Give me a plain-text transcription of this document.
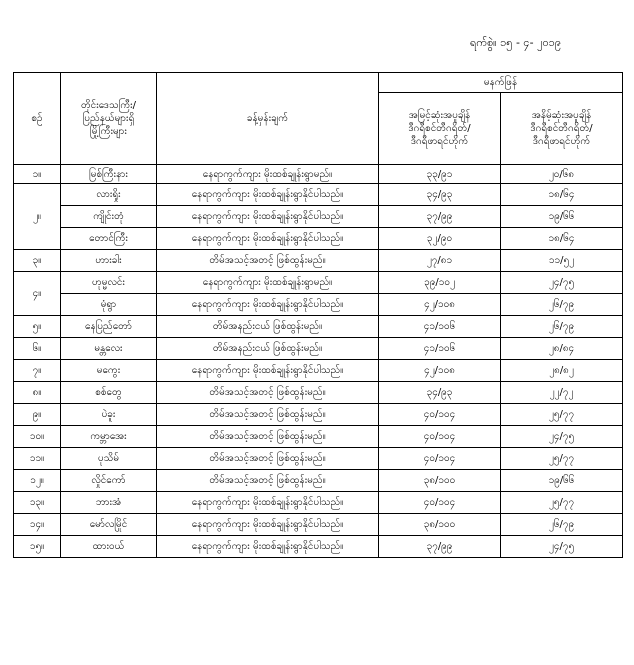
ရက်စွဲ။ ၁၅ - ၄- ၂၀၁၉
စဉ်	တိုင်းဒေသကြီး/
ပြည်နယ်များရှိ
မြို့ကြီးများ	ခန့်မှန်းချက်	မနက်ဖြန်	
			အမြင့်ဆုံးအပူချိန်
ဒီဂရီစင်တီဂရိတ်/
ဒီဂရီဖာရင်ဟိုက်	အနိမ့်ဆုံးအပူချိန်
ဒီဂရီစင်တီဂရိတ်/
ဒီဂရီဖာရင်ဟိုက်
၁။	မြစ်ကြီးနား	နေရာကွက်ကျား မိုးထစ်ချုန်းရွာမည်။	၃၃/၉၁	၂၀/၆၈
၂။	လားရှိုး	နေရာကွက်ကျား မိုးထစ်ချုန်းရွာနိုင်ပါသည်။	၃၄/၉၃	၁၈/၆၄
	ကျိုင်းတုံ	နေရာကွက်ကျား မိုးထစ်ချုန်းရွာနိုင်ပါသည်။	၃၇/၉၉	၁၉/၆၆
	တောင်ကြီး	နေရာကွက်ကျား မိုးထစ်ချုန်းရွာနိုင်ပါသည်။	၃၂/၉၀	၁၈/၆၄
၃။	ဟားခါး	တိမ်အသင့်အတင့် ဖြစ်ထွန်းမည်။	၂၇/၈၁	၁၁/၅၂
၄။	ဟုမ္မလင်း	နေရာကွက်ကျား မိုးထစ်ချုန်းရွာမည်။	၃၉/၁၀၂	၂၄/၇၅
	မုံရွာ	နေရာကွက်ကျား မိုးထစ်ချုန်းရွာနိုင်ပါသည်။	၄၂/၁၀၈	၂၆/၇၉
၅။	နေပြည်တော်	တိမ်အနည်းငယ် ဖြစ်ထွန်းမည်။	၄၁/၁၀၆	၂၆/၇၉
၆။	မန္တလေး	တိမ်အနည်းငယ် ဖြစ်ထွန်းမည်။	၄၁/၁၀၆	၂၈/၈၄
၇။	မကွေး	နေရာကွက်ကျား မိုးထစ်ချုန်းရွာနိုင်ပါသည်။	၄၂/၁၀၈	၂၈/၈၂
၈။	စစ်တွေ	တိမ်အသင့်အတင့် ဖြစ်ထွန်းမည်။	၃၄/၉၃	၂၂/၇၂
၉။	ပဲခူး	တိမ်အသင့်အတင့် ဖြစ်ထွန်းမည်။	၄၀/၁၀၄	၂၅/၇၇
၁၀။	ကမ္ဘာအေး	တိမ်အသင့်အတင့် ဖြစ်ထွန်းမည်။	၄၀/၁၀၄	၂၄/၇၅
၁၁။	ပုသိမ်	တိမ်အသင့်အတင့် ဖြစ်ထွန်းမည်။	၄၀/၁၀၄	၂၅/၇၇
၁၂။	လှိုင်ကော်	တိမ်အသင့်အတင့် ဖြစ်ထွန်းမည်။	၃၈/၁၀၀	၁၉/၆၆
၁၃။	ဘားအံ	နေရာကွက်ကျား မိုးထစ်ချုန်းရွာနိုင်ပါသည်။	၄၀/၁၀၄	၂၅/၇၇
၁၄။	မော်လမြိုင်	နေရာကွက်ကျား မိုးထစ်ချုန်းရွာနိုင်ပါသည်။	၃၈/၁၀၀	၂၆/၇၉
၁၅။	ထားဝယ်	နေရာကွက်ကျား မိုးထစ်ချုန်းရွာနိုင်ပါသည်။	၃၇/၉၉	၂၄/၇၅
